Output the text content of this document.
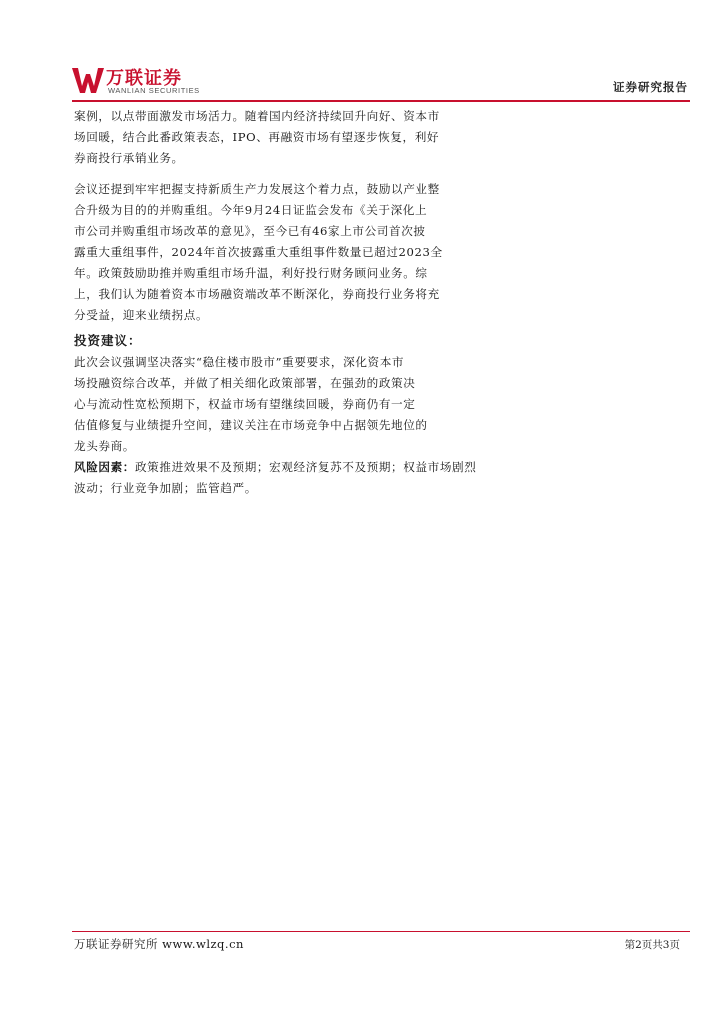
万联证券
WANLIAN SECURITIES	证券研究报告

案例，以点带面激发市场活力。随着国内经济持续回升向好、资本市

场回暖，结合此番政策表态，IPO、再融资市场有望逐步恢复，利好

券商投行承销业务。

会议还提到牢牢把握支持新质生产力发展这个着力点，鼓励以产业整

合升级为目的的并购重组。今年9月24日证监会发布《关于深化上

市公司并购重组市场改革的意见》，至今已有46家上市公司首次披

露重大重组事件，2024年首次披露重大重组事件数量已超过2023全

年。政策鼓励助推并购重组市场升温，利好投行财务顾问业务。综

上，我们认为随着资本市场融资端改革不断深化，券商投行业务将充

分受益，迎来业绩拐点。

投资建议：

此次会议强调坚决落实“稳住楼市股市”重要要求，深化资本市

场投融资综合改革，并做了相关细化政策部署，在强劲的政策决

心与流动性宽松预期下，权益市场有望继续回暖，券商仍有一定

估值修复与业绩提升空间，建议关注在市场竞争中占据领先地位的

龙头券商。

风险因素：政策推进效果不及预期；宏观经济复苏不及预期；权益市场剧烈

波动；行业竞争加剧；监管趋严。

万联证券研究所 www.wlzq.cn	第2页共3页
